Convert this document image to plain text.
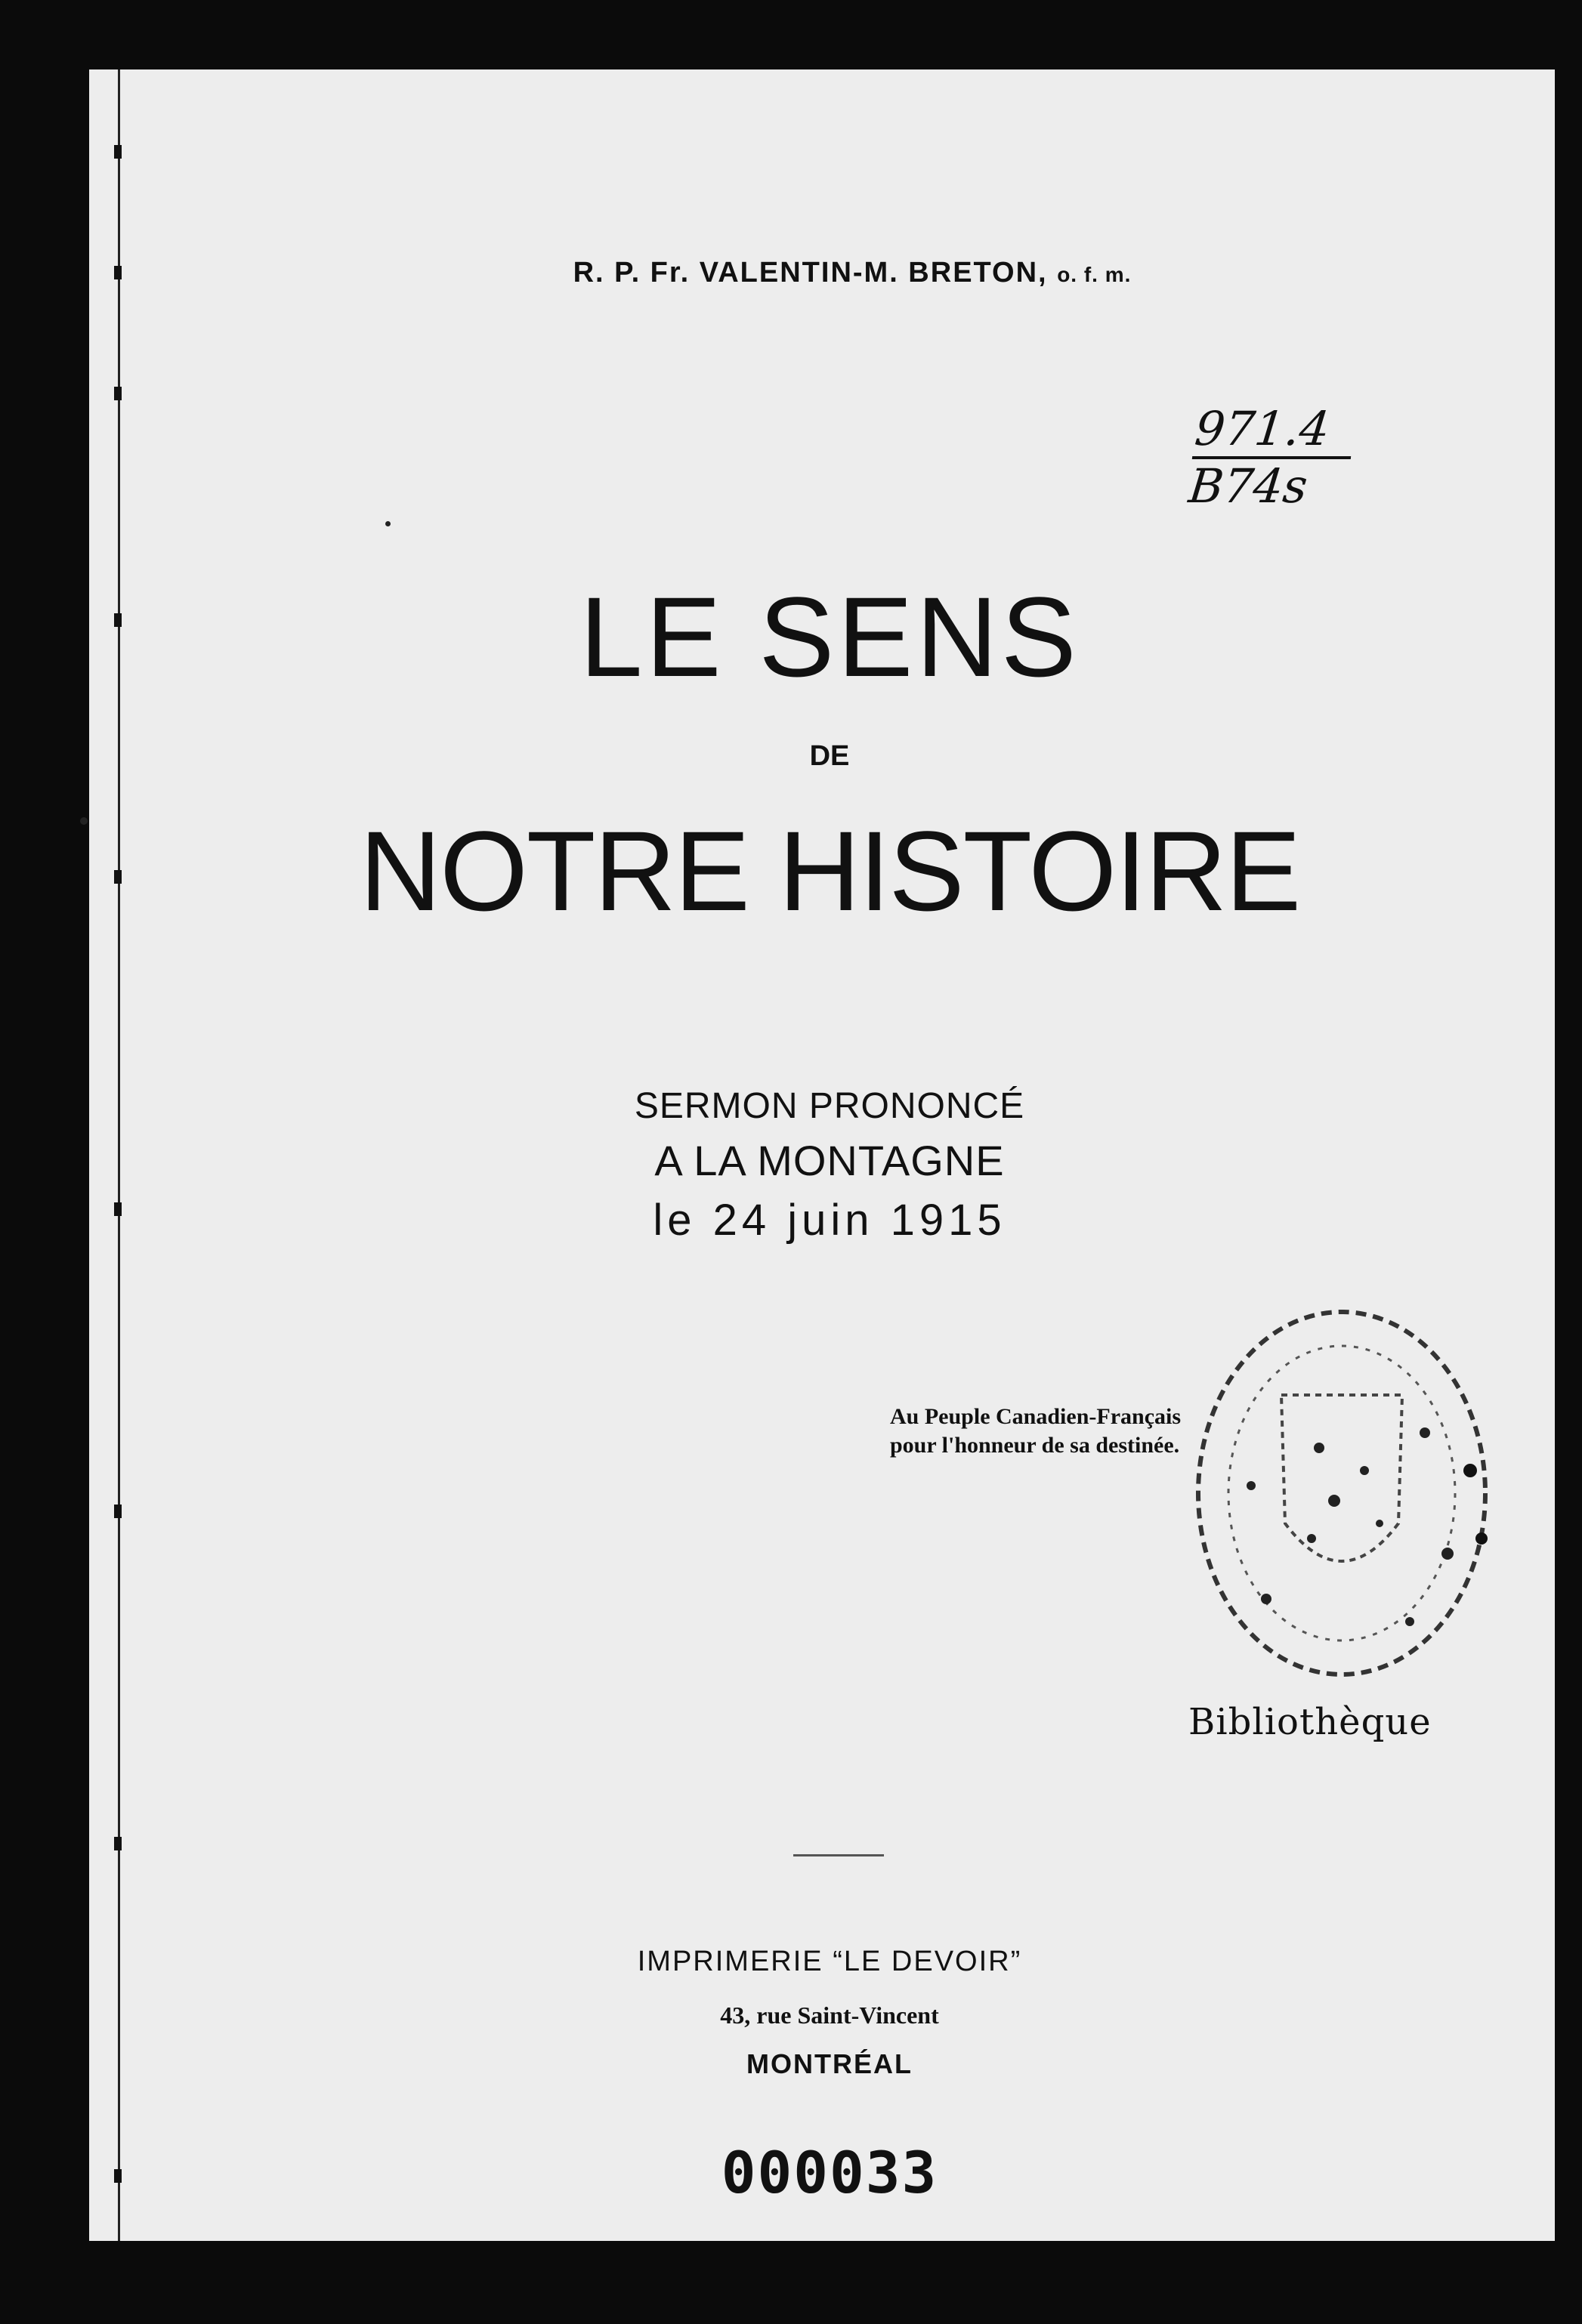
R. P. Fr. VALENTIN-M. BRETON, o. f. m.
971.4
B74s
LE SENS
DE
NOTRE HISTOIRE
SERMON PRONONCÉ
A LA MONTAGNE
le 24 juin 1915
Au Peuple Canadien-Français
pour l'honneur de sa destinée.
Bibliothèque
IMPRIMERIE “LE DEVOIR”
43, rue Saint-Vincent
MONTRÉAL
000033
